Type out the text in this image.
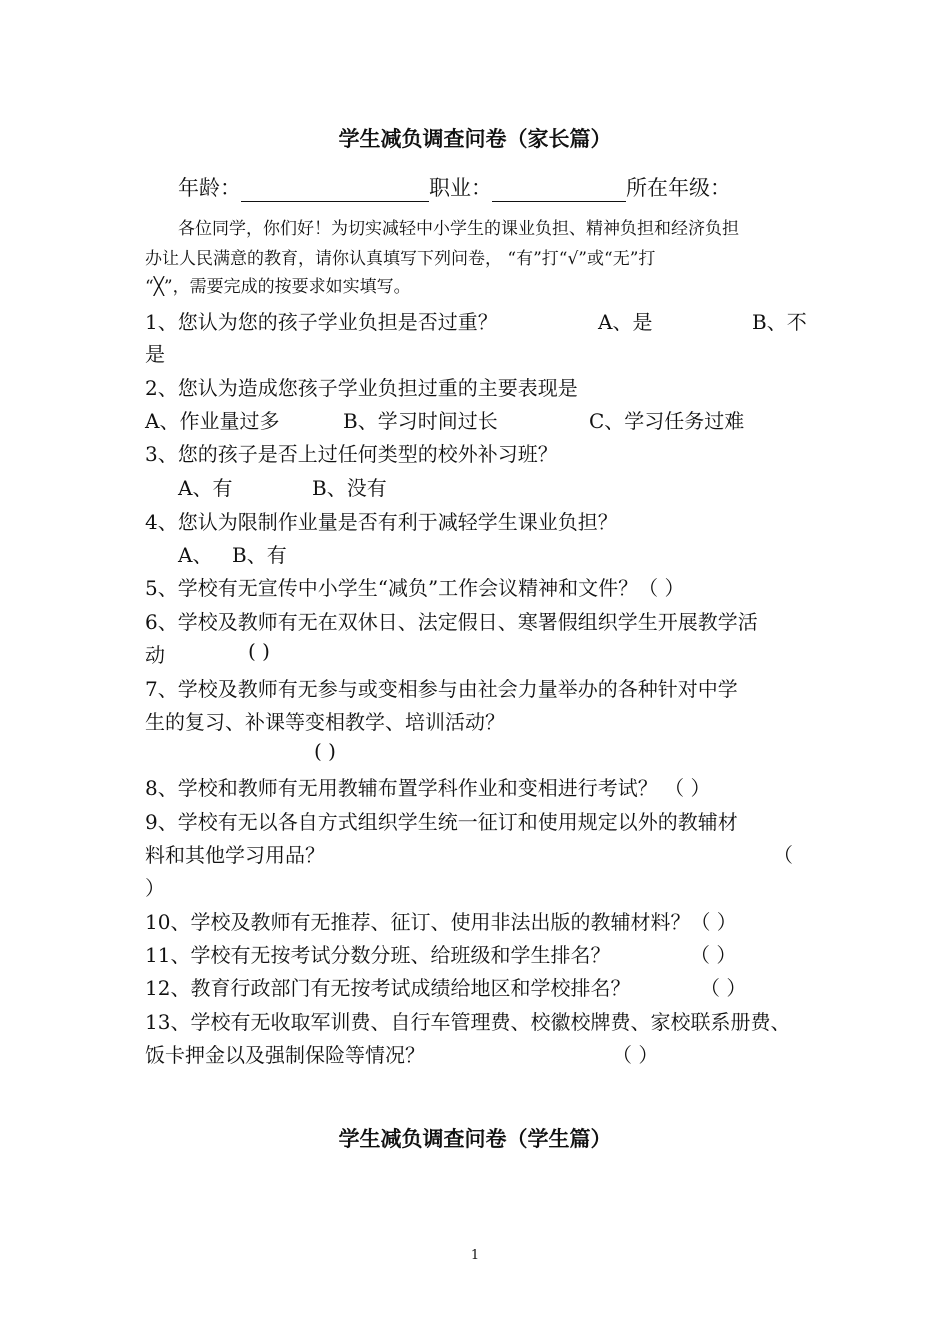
学生减负调查问卷（家长篇）
年龄：	职业：	所在年级：
各位同学，你们好！为切实减轻中小学生的课业负担、精神负担和经济负担
办让人民满意的教育，请你认真填写下列问卷， “有”打“√”或“无”打
“╳”，需要完成的按要求如实填写。
1、您认为您的孩子学业负担是否过重？	A、是	B、不
是
2、您认为造成您孩子学业负担过重的主要表现是
A、作业量过多	B、学习时间过长	C、学习任务过难
3、您的孩子是否上过任何类型的校外补习班？
A、有	B、没有
4、您认为限制作业量是否有利于减轻学生课业负担？
A、 B、有
5、学校有无宣传中小学生“减负”工作会议精神和文件？（ ）
6、学校及教师有无在双休日、法定假日、寒署假组织学生开展教学活
动	( )
7、学校及教师有无参与或变相参与由社会力量举办的各种针对中学
生的复习、补课等变相教学、培训活动？
( )
8、学校和教师有无用教辅布置学科作业和变相进行考试？ （ ）
9、学校有无以各自方式组织学生统一征订和使用规定以外的教辅材
料和其他学习用品？	（
）
10、学校及教师有无推荐、征订、使用非法出版的教辅材料？（ ）
11、学校有无按考试分数分班、给班级和学生排名？	（ ）
12、教育行政部门有无按考试成绩给地区和学校排名？	（ ）
13、学校有无收取军训费、自行车管理费、校徽校牌费、家校联系册费、
饭卡押金以及强制保险等情况？	（ ）
学生减负调查问卷（学生篇）
1
